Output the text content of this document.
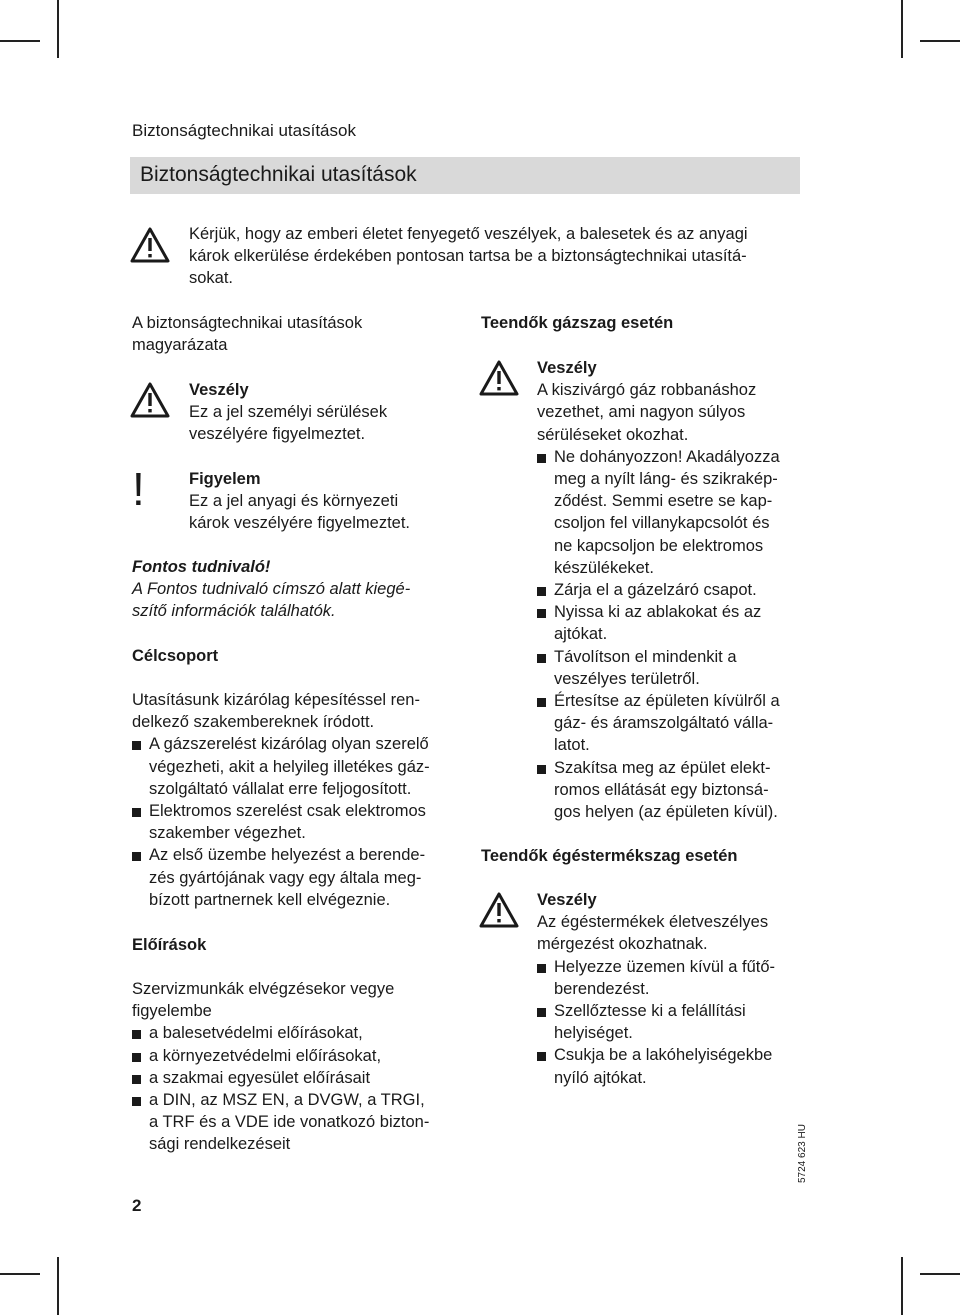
Biztonságtechnikai utasítások
Biztonságtechnikai utasítások
Kérjük, hogy az emberi életet fenyegető veszélyek, a balesetek és az anyagi
károk elkerülése érdekében pontosan tartsa be a biztonságtechnikai utasítá-
sokat.
A biztonságtechnikai utasítások
magyarázata
Veszély
Ez a jel személyi sérülések
veszélyére figyelmeztet.
!	Figyelem
Ez a jel anyagi és környezeti
károk veszélyére figyelmeztet.
Fontos tudnivaló!
A Fontos tudnivaló címszó alatt kiegé-
szítő információk találhatók.
Célcsoport
Utasításunk kizárólag képesítéssel ren-
delkező szakembereknek íródott.
A gázszerelést kizárólag olyan szerelő
végezheti, akit a helyileg illetékes gáz-
szolgáltató vállalat erre feljogosított.
Elektromos szerelést csak elektromos
szakember végezhet.
Az első üzembe helyezést a berende-
zés gyártójának vagy egy általa meg-
bízott partnernek kell elvégeznie.
Előírások
Szervizmunkák elvégzésekor vegye
figyelembe
a balesetvédelmi előírásokat,
a környezetvédelmi előírásokat,
a szakmai egyesület előírásait
a DIN, az MSZ EN, a DVGW, a TRGI,
a TRF és a VDE ide vonatkozó bizton-
sági rendelkezéseit
Teendők gázszag esetén
Veszély
A kiszivárgó gáz robbanáshoz
vezethet, ami nagyon súlyos
sérüléseket okozhat.
Ne dohányozzon! Akadályozza
meg a nyílt láng- és szikrakép-
ződést. Semmi esetre se kap-
csoljon fel villanykapcsolót és
ne kapcsoljon be elektromos
készülékeket.
Zárja el a gázelzáró csapot.
Nyissa ki az ablakokat és az
ajtókat.
Távolítson el mindenkit a
veszélyes területről.
Értesítse az épületen kívülről a
gáz- és áramszolgáltató válla-
latot.
Szakítsa meg az épület elekt-
romos ellátását egy biztonsá-
gos helyen (az épületen kívül).
Teendők égéstermékszag esetén
Veszély
Az égéstermékek életveszélyes
mérgezést okozhatnak.
Helyezze üzemen kívül a fűtő-
berendezést.
Szellőztesse ki a felállítási
helyiséget.
Csukja be a lakóhelyiségekbe
nyíló ajtókat.
2
5724 623 HU
